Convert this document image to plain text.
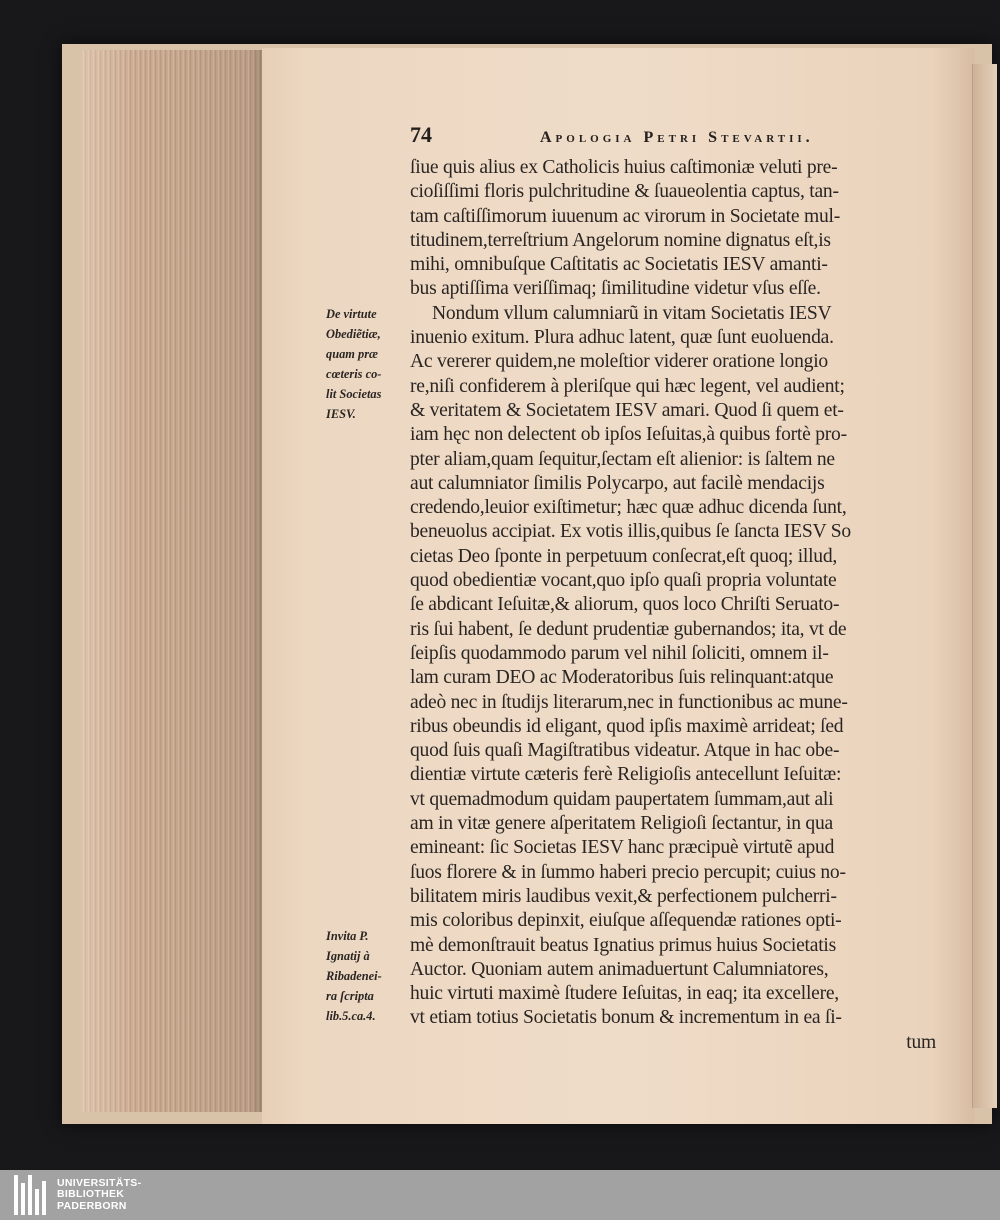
74	Apologia Petri Stevartii.
De virtute
Obediẽtiæ,
quam præ
cœteris co-
lit Societas
IESV.
Invita P.
Ignatij à
Ribadenei-
ra ſcripta
lib.5.ca.4.
ſiue quis alius ex Catholicis huius caſtimoniæ veluti pre-
cioſiſſimi floris pulchritudine & ſuaueolentia captus, tan-
tam caſtiſſimorum iuuenum ac virorum in Societate mul-
titudinem,terreſtrium Angelorum nomine dignatus eſt,is
mihi, omnibuſque Caſtitatis ac Societatis IESV amanti-
bus aptiſſima veriſſimaq; ſimilitudine videtur vſus eſſe.
Nondum vllum calumniarũ in vitam Societatis IESV
inuenio exitum. Plura adhuc latent, quæ ſunt euoluenda.
Ac vererer quidem,ne moleſtior viderer oratione longio
re,niſi confiderem à pleriſque qui hæc legent, vel audient;
& veritatem & Societatem IESV amari. Quod ſi quem et-
iam hęc non delectent ob ipſos Ieſuitas,à quibus fortè pro-
pter aliam,quam ſequitur,ſectam eſt alienior: is ſaltem ne
aut calumniator ſimilis Polycarpo, aut facilè mendacijs
credendo,leuior exiſtimetur; hæc quæ adhuc dicenda ſunt,
beneuolus accipiat. Ex votis illis,quibus ſe ſancta IESV So
cietas Deo ſponte in perpetuum conſecrat,eſt quoq; illud,
quod obedientiæ vocant,quo ipſo quaſi propria voluntate
ſe abdicant Ieſuitæ,& aliorum, quos loco Chriſti Seruato-
ris ſui habent, ſe dedunt prudentiæ gubernandos; ita, vt de
ſeipſis quodammodo parum vel nihil ſoliciti, omnem il-
lam curam DEO ac Moderatoribus ſuis relinquant:atque
adeò nec in ſtudijs literarum,nec in functionibus ac mune-
ribus obeundis id eligant, quod ipſis maximè arrideat; ſed
quod ſuis quaſi Magiſtratibus videatur. Atque in hac obe-
dientiæ virtute cæteris ferè Religioſis antecellunt Ieſuitæ:
vt quemadmodum quidam paupertatem ſummam,aut ali
am in vitæ genere aſperitatem Religioſi ſectantur, in qua
emineant: ſic Societas IESV hanc præcipuè virtutẽ apud
ſuos florere & in ſummo haberi precio percupit; cuius no-
bilitatem miris laudibus vexit,& perfectionem pulcherri-
mis coloribus depinxit, eiuſque aſſequendæ rationes opti-
mè demonſtrauit beatus Ignatius primus huius Societatis
Auctor. Quoniam autem animaduertunt Calumniatores,
huic virtuti maximè ſtudere Ieſuitas, in eaq; ita excellere,
vt etiam totius Societatis bonum & incrementum in ea ſi-
tum
UNIVERSITÄTS-
BIBLIOTHEK
PADERBORN
